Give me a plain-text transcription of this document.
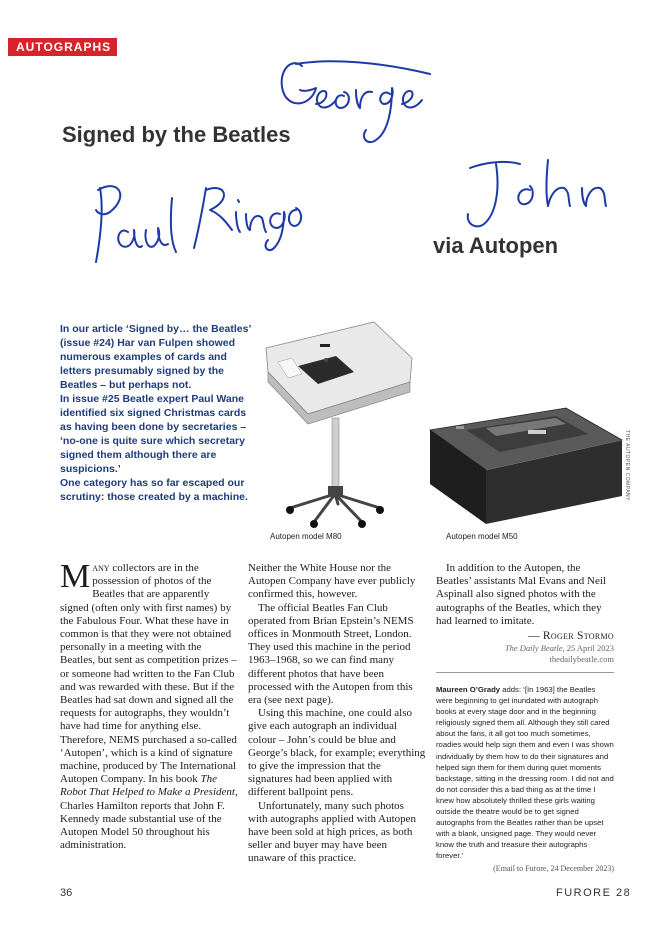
AUTOGRAPHS
Signed by the Beatles
via Autopen

In our article ‘Signed by… the Beatles’ (issue #24) Har van Fulpen showed numerous examples of cards and letters presumably signed by the Beatles – but perhaps not.

In issue #25 Beatle expert Paul Wane identified six signed Christmas cards as having been done by secretaries – ‘no-one is quite sure which secretary signed them although there are suspicions.’

One category has so far escaped our scrutiny: those created by a machine.

Autopen model M80	Autopen model M50
THE AUTOPEN COMPANY

Many collectors are in the possession of photos of the Beatles that are apparently signed (often only with first names) by the Fabulous Four. What these have in common is that they were not obtained personally in a meeting with the Beatles, but sent as competition prizes – or someone had written to the Fan Club and was rewarded with these. But if the Beatles had sat down and signed all the requests for autographs, they wouldn’t have had time for anything else. Therefore, NEMS purchased a so-called ‘Autopen’, which is a kind of signature machine, produced by The International Autopen Company. In his book The Robot That Helped to Make a President, Charles Hamilton reports that John F. Kennedy made substantial use of the Autopen Model 50 throughout his administration.

Neither the White House nor the Autopen Company have ever publicly confirmed this, however.

The official Beatles Fan Club operated from Brian Epstein’s NEMS offices in Monmouth Street, London. They used this machine in the period 1963–1968, so we can find many different photos that have been processed with the Autopen from this era (see next page).

Using this machine, one could also give each autograph an individual colour – John’s could be blue and George’s black, for example; everything to give the impression that the signatures had been applied with different ballpoint pens.

Unfortunately, many such photos with autographs applied with Autopen have been sold at high prices, as both seller and buyer may have been unaware of this practice.

In addition to the Autopen, the Beatles’ assistants Mal Evans and Neil Aspinall also signed photos with the autographs of the Beatles, which they had learned to imitate.

— Roger Stormo

The Daily Beatle, 25 April 2023

thedailybeatle.com

Maureen O’Grady adds: ‘[In 1963] the Beatles were beginning to get inundated with autograph books at every stage door and in the beginning religiously signed them all. Although they still cared about the fans, it all got too much sometimes, roadies would help sign them and even I was shown individually by them how to do their signatures and helped sign them for them during quiet moments backstage, sitting in the dressing room. I did not and do not consider this a bad thing as at the time I knew how absolutely thrilled these girls waiting outside the theatre would be to get signed autographs from the Beatles rather than be upset with a blank, unsigned page. They would never know the truth and treasure their autographs forever.’

(Email to Furore, 24 December 2023)

36	FURORE 28
